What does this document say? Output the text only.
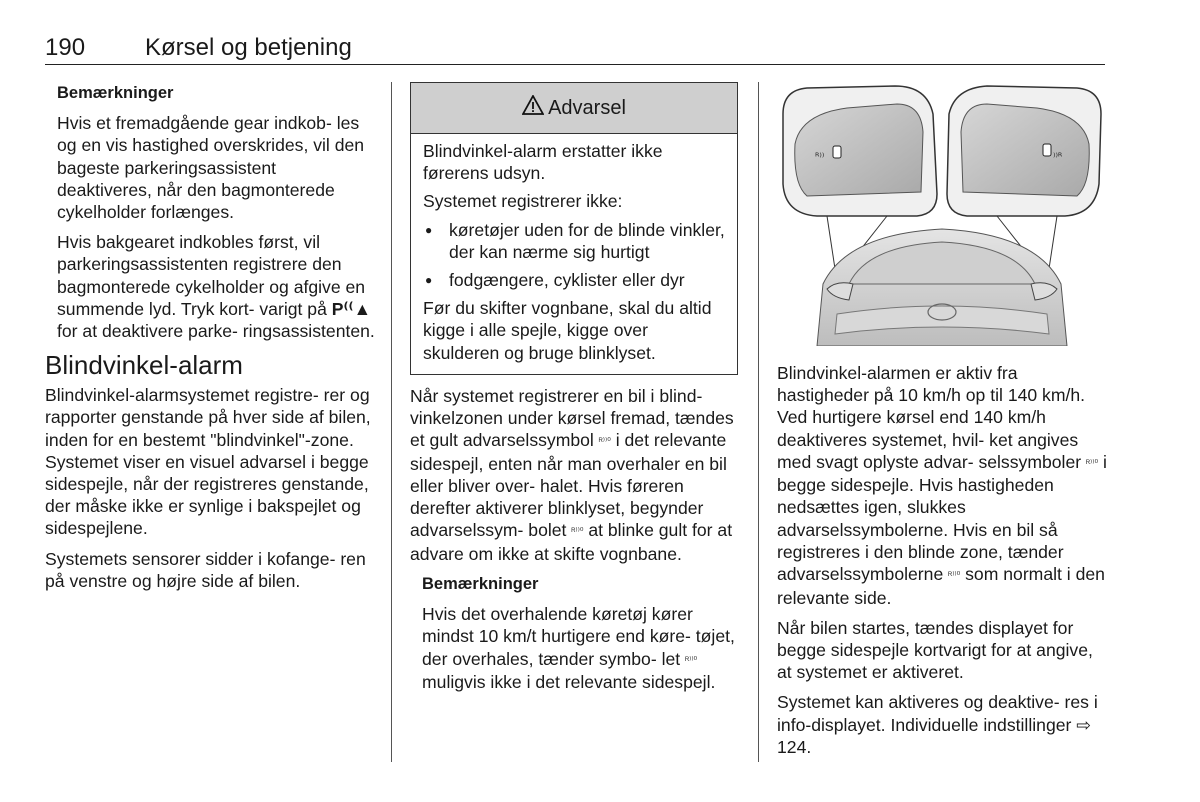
190 Kørsel og betjening

Bemærkninger

Hvis et fremadgående gear indkob- les og en vis hastighed overskrides, vil den bageste parkeringsassistent deaktiveres, når den bagmonterede cykelholder forlænges.

Hvis bakgearet indkobles først, vil parkeringsassistenten registrere den bagmonterede cykelholder og afgive en summende lyd. Tryk kort- varigt på P⁽⁽▲ for at deaktivere parke- ringsassistenten.

Blindvinkel-alarm

Blindvinkel-alarmsystemet registre- rer og rapporter genstande på hver side af bilen, inden for en bestemt "blindvinkel"-zone. Systemet viser en visuel advarsel i begge sidespejle, når der registreres genstande, der måske ikke er synlige i bakspejlet og sidespejlene.

Systemets sensorer sidder i kofange- ren på venstre og højre side af bilen.

Advarsel

Blindvinkel-alarm erstatter ikke førerens udsyn.

Systemet registrerer ikke:

● køretøjer uden for de blinde vinkler, der kan nærme sig hurtigt
● fodgængere, cyklister eller dyr

Før du skifter vognbane, skal du altid kigge i alle spejle, kigge over skulderen og bruge blinklyset.

Når systemet registrerer en bil i blind- vinkelzonen under kørsel fremad, tændes et gult advarselssymbol ᴿ⁾⁾⁰ i det relevante sidespejl, enten når man overhaler en bil eller bliver over- halet. Hvis føreren derefter aktiverer blinklyset, begynder advarselssym- bolet ᴿ⁾⁾⁰ at blinke gult for at advare om ikke at skifte vognbane.

Bemærkninger

Hvis det overhalende køretøj kører mindst 10 km/t hurtigere end køre- tøjet, der overhales, tænder symbo- let ᴿ⁾⁾⁰ muligvis ikke i det relevante sidespejl.

ᴿ⁾⁾	⁾⁾ᴿ

Blindvinkel-alarmen er aktiv fra hastigheder på 10 km/h op til 140 km/h. Ved hurtigere kørsel end 140 km/h deaktiveres systemet, hvil- ket angives med svagt oplyste advar- selssymboler ᴿ⁾⁾⁰ i begge sidespejle. Hvis hastigheden nedsættes igen, slukkes advarselssymbolerne. Hvis en bil så registreres i den blinde zone, tænder advarselssymbolerne ᴿ⁾⁾⁰ som normalt i den relevante side.

Når bilen startes, tændes displayet for begge sidespejle kortvarigt for at angive, at systemet er aktiveret.

Systemet kan aktiveres og deaktive- res i info-displayet. Individuelle indstillinger ⇨ 124.
